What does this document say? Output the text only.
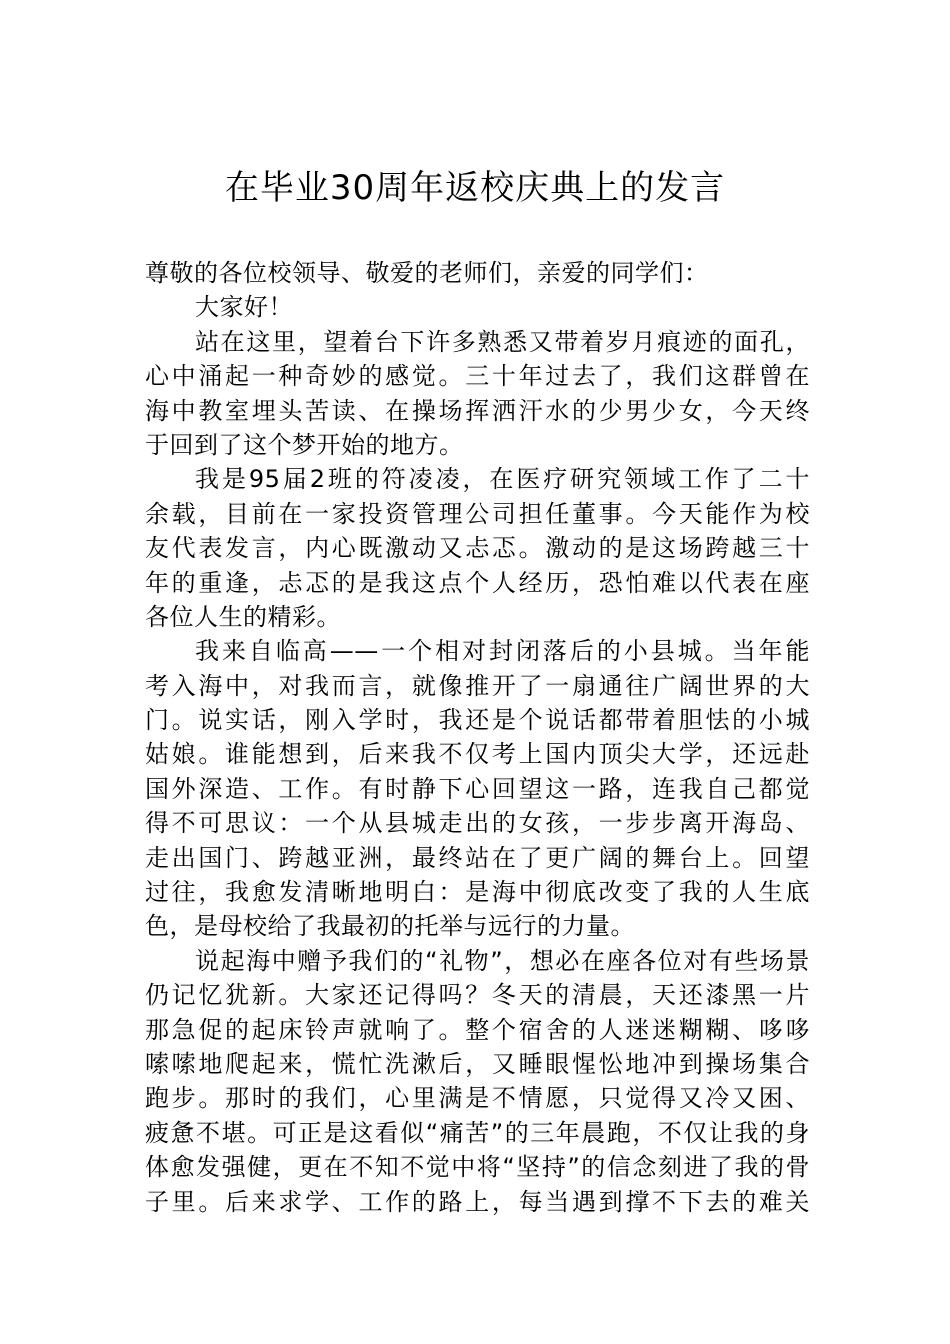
在毕业30周年返校庆典上的发言
尊敬的各位校领导、敬爱的老师们，亲爱的同学们：
大家好！
站在这里，望着台下许多熟悉又带着岁月痕迹的面孔，
心中涌起一种奇妙的感觉。三十年过去了，我们这群曾在
海中教室埋头苦读、在操场挥洒汗水的少男少女，今天终
于回到了这个梦开始的地方。
我是95届2班的符凌凌，在医疗研究领域工作了二十
余载，目前在一家投资管理公司担任董事。今天能作为校
友代表发言，内心既激动又忐忑。激动的是这场跨越三十
年的重逢，忐忑的是我这点个人经历，恐怕难以代表在座
各位人生的精彩。
我来自临高——一个相对封闭落后的小县城。当年能
考入海中，对我而言，就像推开了一扇通往广阔世界的大
门。说实话，刚入学时，我还是个说话都带着胆怯的小城
姑娘。谁能想到，后来我不仅考上国内顶尖大学，还远赴
国外深造、工作。有时静下心回望这一路，连我自己都觉
得不可思议：一个从县城走出的女孩，一步步离开海岛、
走出国门、跨越亚洲，最终站在了更广阔的舞台上。回望
过往，我愈发清晰地明白：是海中彻底改变了我的人生底
色，是母校给了我最初的托举与远行的力量。
说起海中赠予我们的“礼物”，想必在座各位对有些场景
仍记忆犹新。大家还记得吗？冬天的清晨，天还漆黑一片
那急促的起床铃声就响了。整个宿舍的人迷迷糊糊、哆哆
嗦嗦地爬起来，慌忙洗漱后，又睡眼惺忪地冲到操场集合
跑步。那时的我们，心里满是不情愿，只觉得又冷又困、
疲惫不堪。可正是这看似“痛苦”的三年晨跑，不仅让我的身
体愈发强健，更在不知不觉中将“坚持”的信念刻进了我的骨
子里。后来求学、工作的路上，每当遇到撑不下去的难关
